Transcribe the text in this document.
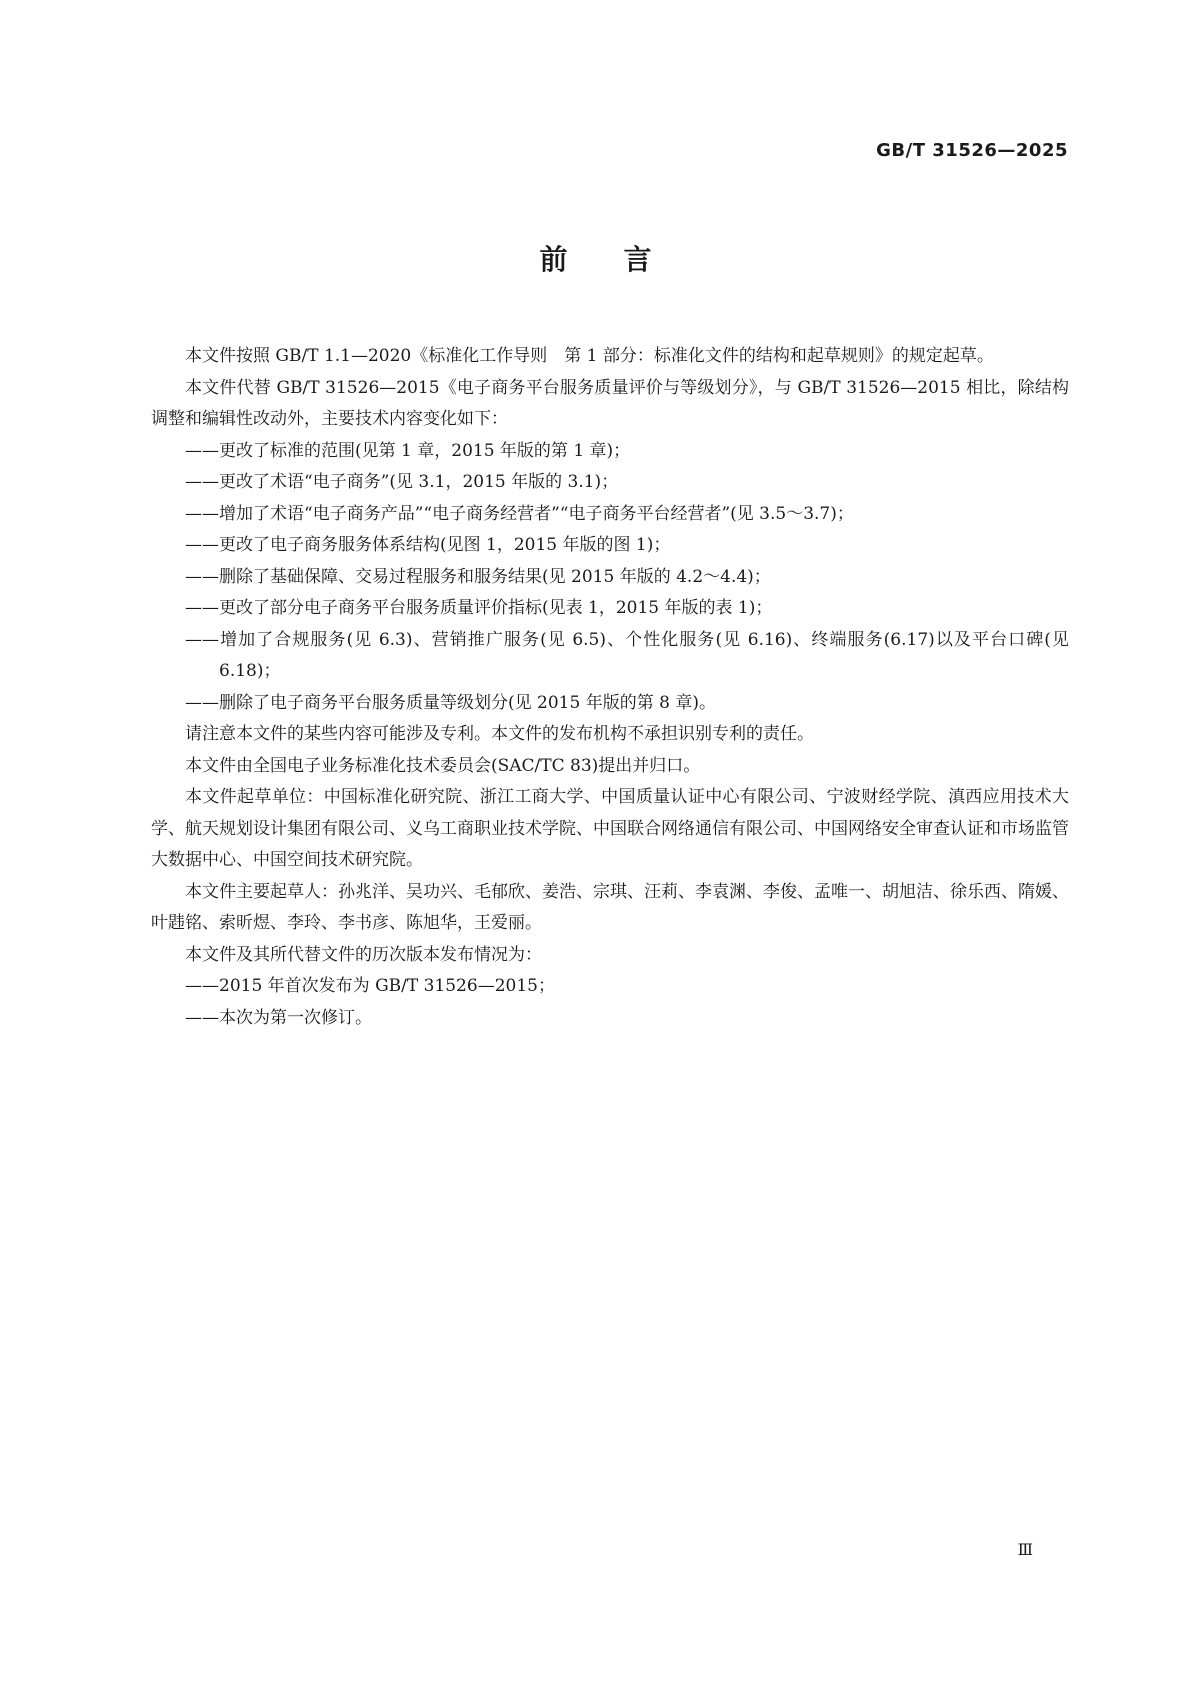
GB/T 31526—2025
前言

本文件按照 GB/T 1.1—2020《标准化工作导则　第 1 部分：标准化文件的结构和起草规则》的规定起草。

本文件代替 GB/T 31526—2015《电子商务平台服务质量评价与等级划分》，与 GB/T 31526—2015 相比，除结构调整和编辑性改动外，主要技术内容变化如下：

——更改了标准的范围(见第 1 章，2015 年版的第 1 章)；

——更改了术语“电子商务”(见 3.1，2015 年版的 3.1)；

——增加了术语“电子商务产品”“电子商务经营者”“电子商务平台经营者”(见 3.5～3.7)；

——更改了电子商务服务体系结构(见图 1，2015 年版的图 1)；

——删除了基础保障、交易过程服务和服务结果(见 2015 年版的 4.2～4.4)；

——更改了部分电子商务平台服务质量评价指标(见表 1，2015 年版的表 1)；

——增加了合规服务(见 6.3)、营销推广服务(见 6.5)、个性化服务(见 6.16)、终端服务(6.17)以及平台口碑(见 6.18)；

——删除了电子商务平台服务质量等级划分(见 2015 年版的第 8 章)。

请注意本文件的某些内容可能涉及专利。本文件的发布机构不承担识别专利的责任。

本文件由全国电子业务标准化技术委员会(SAC/TC 83)提出并归口。

本文件起草单位：中国标准化研究院、浙江工商大学、中国质量认证中心有限公司、宁波财经学院、滇西应用技术大学、航天规划设计集团有限公司、义乌工商职业技术学院、中国联合网络通信有限公司、中国网络安全审查认证和市场监管大数据中心、中国空间技术研究院。

本文件主要起草人：孙兆洋、吴功兴、毛郁欣、姜浩、宗琪、汪莉、李袁渊、李俊、孟唯一、胡旭洁、徐乐西、隋媛、叶韪铭、索昕煜、李玲、李书彦、陈旭华，王爱丽。

本文件及其所代替文件的历次版本发布情况为：

——2015 年首次发布为 GB/T 31526—2015；

——本次为第一次修订。

Ⅲ
